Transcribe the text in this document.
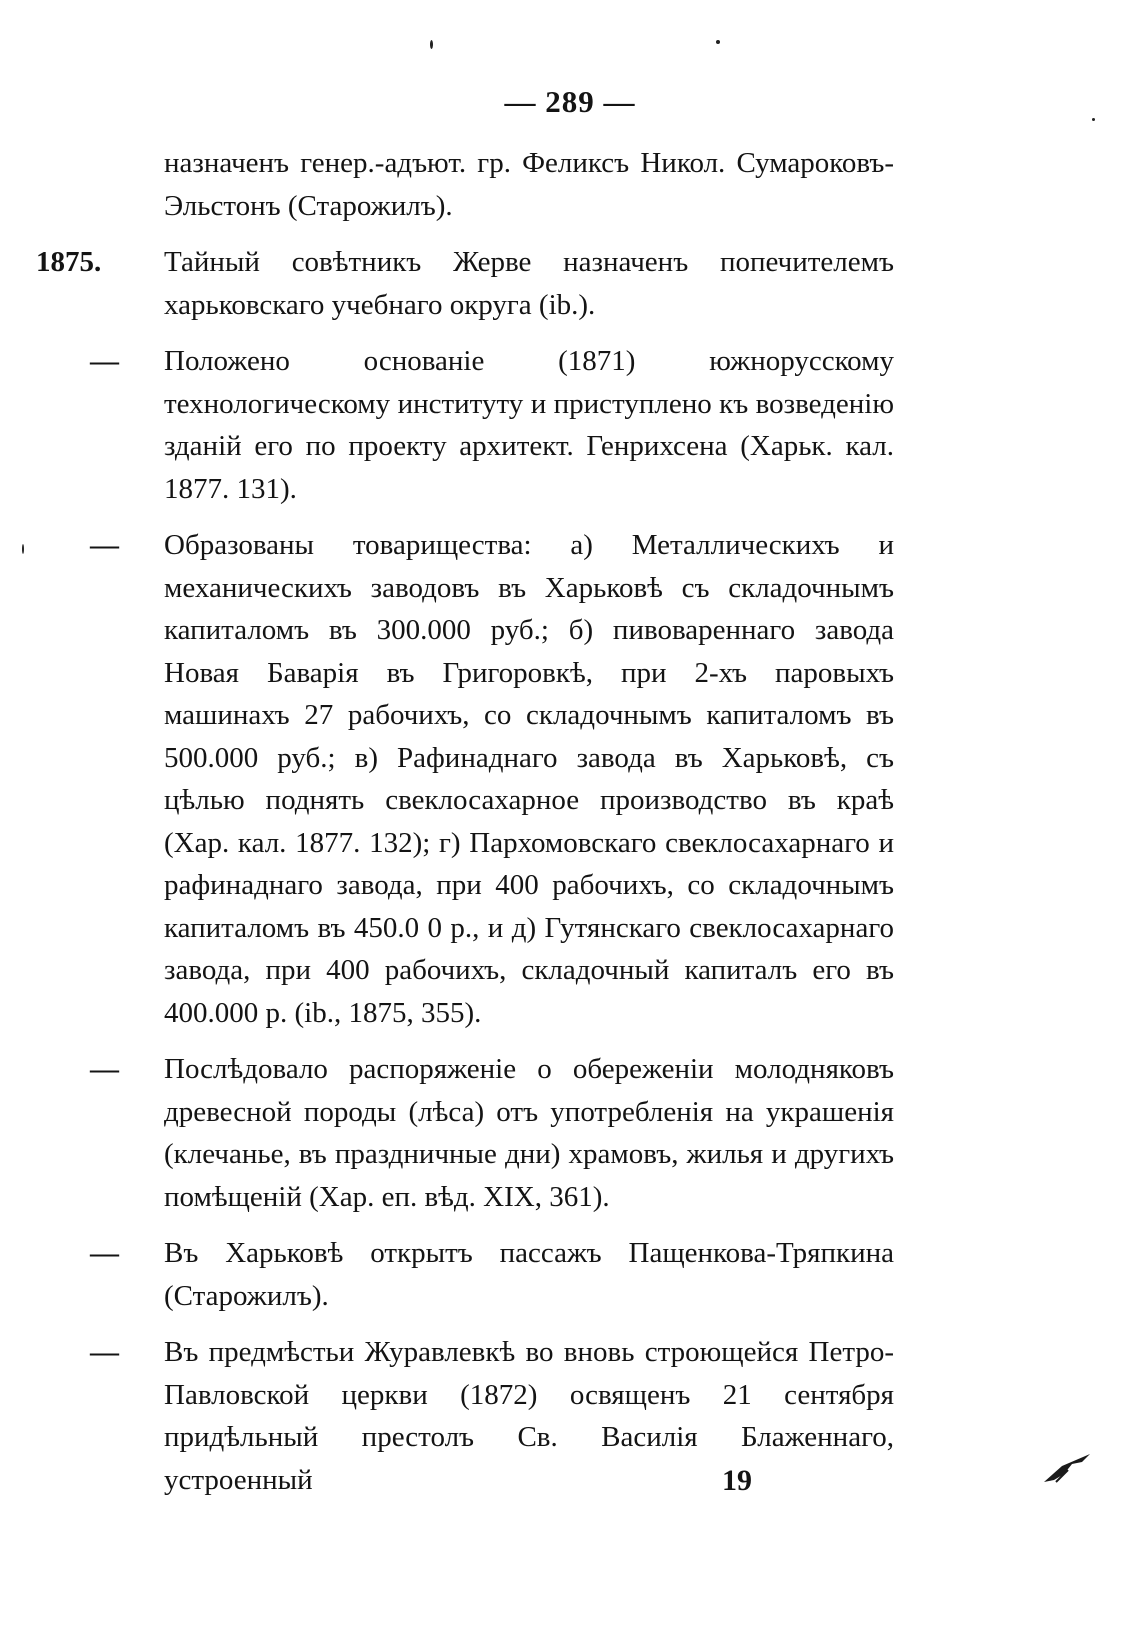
— 289 —
назначенъ генер.-адъют. гр. Феликсъ Никол. Сумароковъ-Эльстонъ (Старожилъ).
1875.	Тайный совѣтникъ Жерве назначенъ попечителемъ харьковскаго учебнаго округа (ib.).
—	Положено основаніе (1871) южнорусскому технологическому институту и приступлено къ возведенію зданій его по проекту архитект. Генрихсена (Харьк. кал. 1877. 131).
—	Образованы товарищества: а) Металлическихъ и механическихъ заводовъ въ Харьковѣ съ складочнымъ капиталомъ въ 300.000 руб.; б) пивовареннаго завода Новая Баварія въ Григоровкѣ, при 2-хъ паровыхъ машинахъ 27 рабочихъ, со складочнымъ капиталомъ въ 500.000 руб.; в) Рафинаднаго завода въ Харьковѣ, съ цѣлью поднять свеклосахарное производство въ краѣ (Хар. кал. 1877. 132); г) Пархомовскаго свеклосахарнаго и рафинаднаго завода, при 400 рабочихъ, со складочнымъ капиталомъ въ 450.0 0 р., и д) Гутянскаго свеклосахарнаго завода, при 400 рабочихъ, складочный капиталъ его въ 400.000 р. (ib., 1875, 355).
—	Послѣдовало распоряженіе о обереженіи молодняковъ древесной породы (лѣса) отъ употребленія на украшенія (клечанье, въ праздничные дни) храмовъ, жилья и другихъ помѣщеній (Хар. еп. вѣд. XIX, 361).
—	Въ Харьковѣ открытъ пассажъ Пащенкова-Тряпкина (Старожилъ).
—	Въ предмѣстьи Журавлевкѣ во вновь строющейся Петро-Павловской церкви (1872) освященъ 21 сентября придѣльный престолъ Св. Василія Блаженнаго, устроенный	19
